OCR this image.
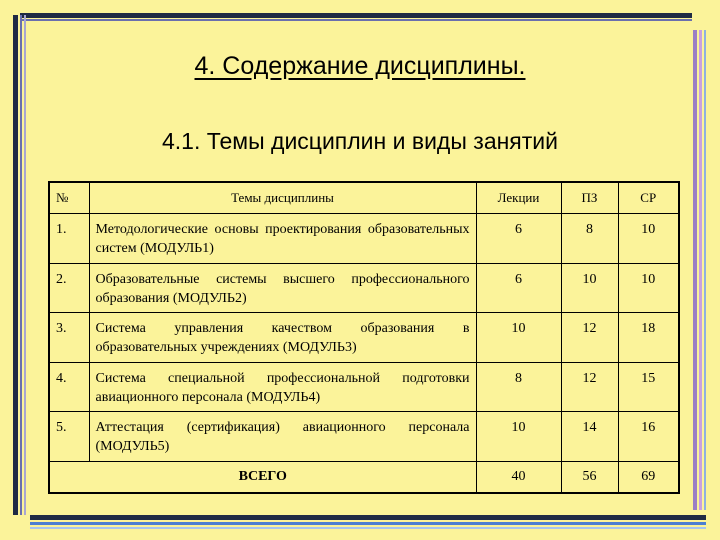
4. Содержание дисциплины.
4.1. Темы дисциплин и виды занятий
№	Темы дисциплины	Лекции	ПЗ	СР
1.	Методологические основы проектирования образовательных систем (МОДУЛЬ1)	6	8	10
2.	Образовательные системы высшего профессионального образования (МОДУЛЬ2)	6	10	10
3.	Система управления качеством образования в образовательных учреждениях (МОДУЛЬ3)	10	12	18
4.	Система специальной профессиональной подготовки авиационного персонала (МОДУЛЬ4)	8	12	15
5.	Аттестация (сертификация) авиационного персонала (МОДУЛЬ5)	10	14	16
ВСЕГО		40	56	69
